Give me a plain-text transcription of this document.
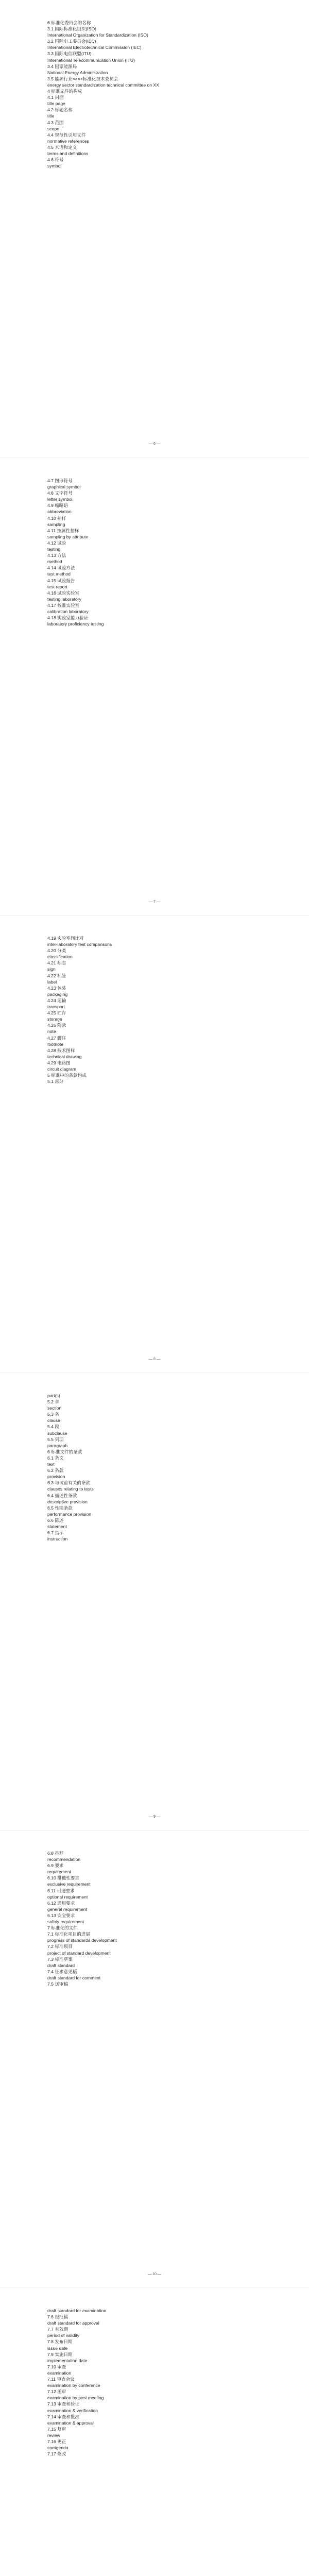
6 标准化委员会的名称
3.1 国际标准化组织(ISO)
International Organization for Standardization (ISO)
3.2 国际电工委员会(IEC)
International Electrotechnical Commission (IEC)
3.3 国际电信联盟(ITU)
International Telecommunication Union (ITU)
3.4 国家能源局
National Energy Administration
3.5 能源行业××××标准化技术委员会
energy sector standardization technical committee on XX
4 标准文件的构成
4.1 封面
title page
4.2 标题名称
title
4.3 范围
scope
4.4 规范性引用文件
normative references
4.5 术语和定义
terms and definitions
4.6 符号
symbol
— 6 —
4.7 图形符号
graphical symbol
4.8 文字符号
letter symbol
4.9 缩略语
abbreviation
4.10 抽样
sampling
4.11 按属性抽样
sampling by attribute
4.12 试验
testing
4.13 方法
method
4.14 试验方法
test method
4.15 试验报告
test report
4.16 试验实验室
testing laboratory
4.17 校准实验室
calibration laboratory
4.18 实验室能力验证
laboratory proficiency testing
— 7 —
4.19 实验室间比对
inter-laboratory test comparisons
4.20 分类
classification
4.21 标志
sign
4.22 标签
label
4.23 包装
packaging
4.24 运输
transport
4.25 贮存
storage
4.26 附录
note
4.27 脚注
footnote
4.28 技术图样
technical drawing
4.29 电路图
circuit diagram
5 标准中的条款构成
5.1 部分
— 8 —
part(s)
5.2 章
section
5.3 条
clause
5.4 段
subclause
5.5 列项
paragraph
6 标准文件的条款
6.1 条文
text
6.2 条款
provision
6.3 与试验有关的条款
clauses relating to tests
6.4 描述性条款
descriptive provision
6.5 性能条款
performance provision
6.6 陈述
statement
6.7 指示
instruction
— 9 —
6.8 推荐
recommendation
6.9 要求
requirement
6.10 排他性要求
exclusive requirement
6.11 可选要求
optional requirement
6.12 通用要求
general requirement
6.13 安全要求
safety requirement
7 标准化的文件
7.1 标准化项目的进展
progress of standards development
7.2 标准项目
project of standard development
7.3 标准草案
draft standard
7.4 征求意见稿
draft standard for comment
7.5 送审稿
— 10 —
draft standard for examination
7.6 报批稿
draft standard for approval
7.7 有效期
period of validity
7.8 发布日期
issue date
7.9 实施日期
implementation date
7.10 审查
examination
7.11 审查会议
examination by conference
7.12 函审
examination by post meeting
7.13 审查和验证
examination & verification
7.14 审查和批准
examination & approval
7.15 复审
review
7.16 更正
corrigenda
7.17 修改
